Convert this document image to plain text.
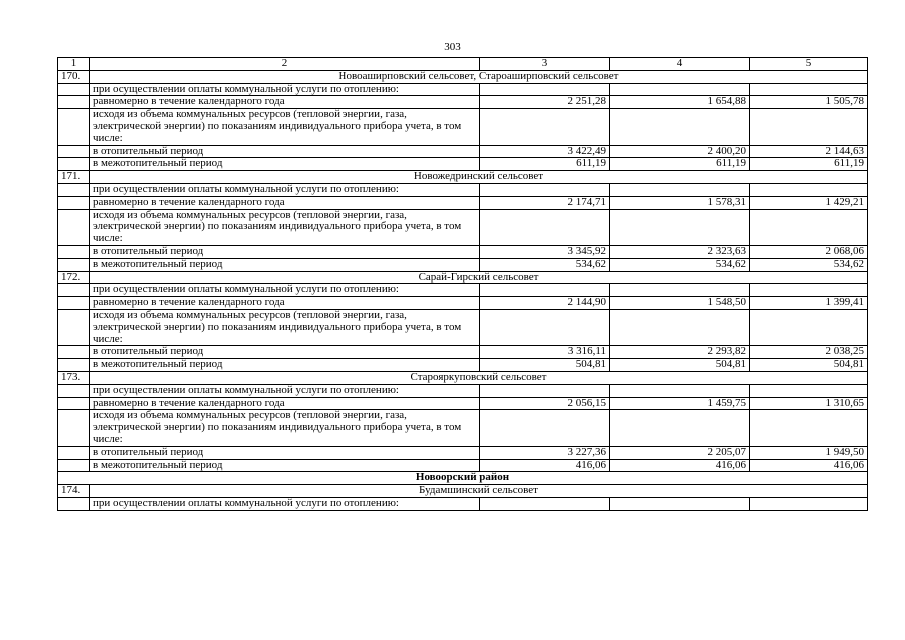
303
1	2	3	4	5
170.	Новоаширповский сельсовет, Староаширповский сельсовет			
	при осуществлении оплаты коммунальной услуги по отоплению:			
	равномерно в течение календарного года	2 251,28	1 654,88	1 505,78
	исходя из объема коммунальных ресурсов (тепловой энергии, газа, электрической энергии) по показаниям индивидуального прибора учета, в том числе:			
	в отопительный период	3 422,49	2 400,20	2 144,63
	в межотопительный период	611,19	611,19	611,19
171.	Новожедринский сельсовет			
	при осуществлении оплаты коммунальной услуги по отоплению:			
	равномерно в течение календарного года	2 174,71	1 578,31	1 429,21
	исходя из объема коммунальных ресурсов (тепловой энергии, газа, электрической энергии) по показаниям индивидуального прибора учета, в том числе:			
	в отопительный период	3 345,92	2 323,63	2 068,06
	в межотопительный период	534,62	534,62	534,62
172.	Сарай-Гирский сельсовет			
	при осуществлении оплаты коммунальной услуги по отоплению:			
	равномерно в течение календарного года	2 144,90	1 548,50	1 399,41
	исходя из объема коммунальных ресурсов (тепловой энергии, газа, электрической энергии) по показаниям индивидуального прибора учета, в том числе:			
	в отопительный период	3 316,11	2 293,82	2 038,25
	в межотопительный период	504,81	504,81	504,81
173.	Старояркуповский сельсовет			
	при осуществлении оплаты коммунальной услуги по отоплению:			
	равномерно в течение календарного года	2 056,15	1 459,75	1 310,65
	исходя из объема коммунальных ресурсов (тепловой энергии, газа, электрической энергии) по показаниям индивидуального прибора учета, в том числе:			
	в отопительный период	3 227,36	2 205,07	1 949,50
	в межотопительный период	416,06	416,06	416,06
Новоорский район				
174.	Будамшинский сельсовет			
	при осуществлении оплаты коммунальной услуги по отоплению:			
